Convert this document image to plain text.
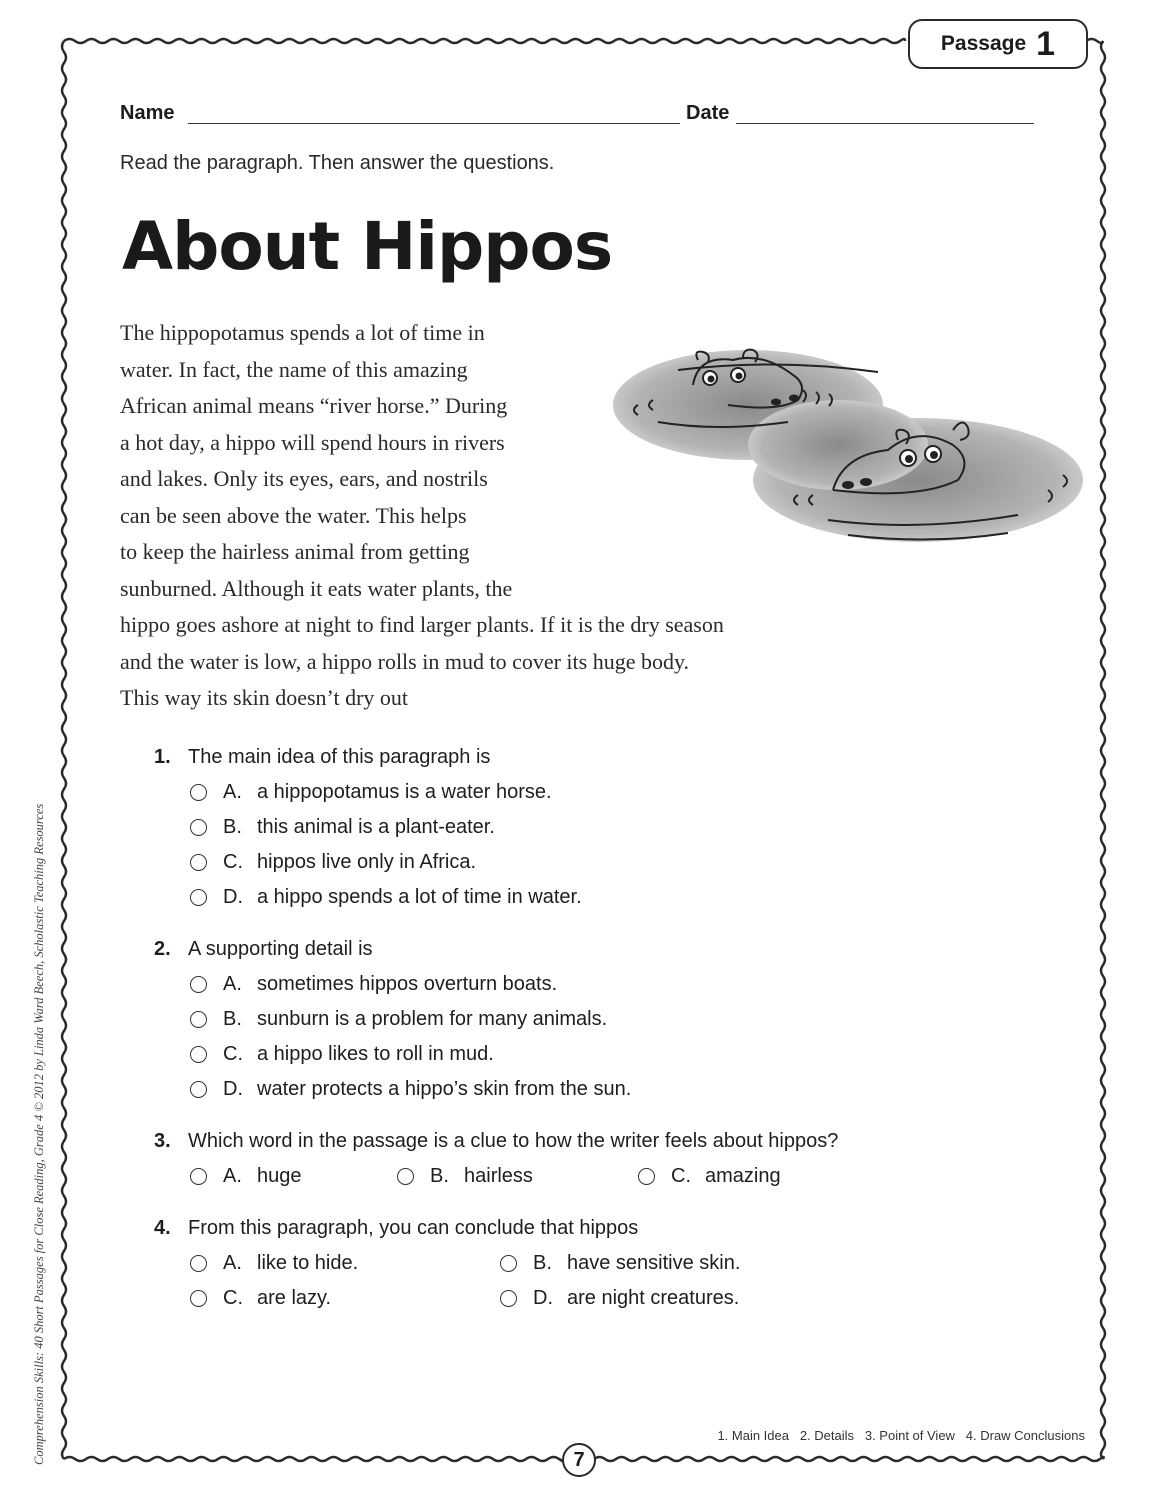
Passage 1
Name	Date
Read the paragraph. Then answer the questions.
About Hippos
The hippopotamus spends a lot of time in
water. In fact, the name of this amazing
African animal means “river horse.” During
a hot day, a hippo will spend hours in rivers
and lakes. Only its eyes, ears, and nostrils
can be seen above the water. This helps
to keep the hairless animal from getting
sunburned. Although it eats water plants, the
hippo goes ashore at night to find larger plants. If it is the dry season
and the water is low, a hippo rolls in mud to cover its huge body.
This way its skin doesn’t dry out
1. The main idea of this paragraph is
A. a hippopotamus is a water horse.
B. this animal is a plant-eater.
C. hippos live only in Africa.
D. a hippo spends a lot of time in water.
2. A supporting detail is
A. sometimes hippos overturn boats.
B. sunburn is a problem for many animals.
C. a hippo likes to roll in mud.
D. water protects a hippo’s skin from the sun.
3. Which word in the passage is a clue to how the writer feels about hippos?
A. huge	B. hairless	C. amazing
4. From this paragraph, you can conclude that hippos
A. like to hide.	B. have sensitive skin.
C. are lazy.	D. are night creatures.
1. Main Idea   2. Details   3. Point of View   4. Draw Conclusions
7
Comprehension Skills: 40 Short Passages for Close Reading, Grade 4 © 2012 by Linda Ward Beech, Scholastic Teaching Resources
